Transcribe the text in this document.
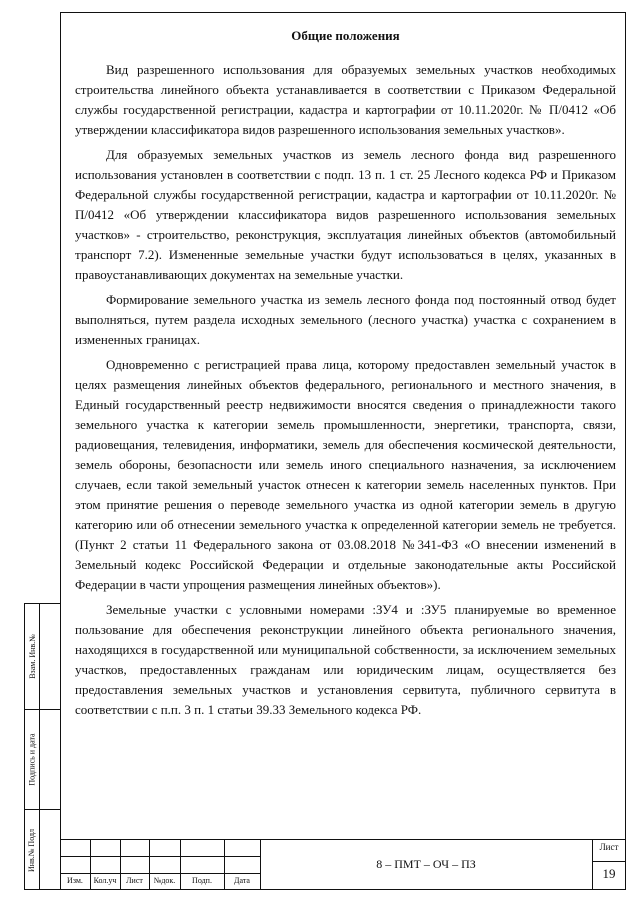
Взам. Инв.№
Подпись и дата
Инв.№ Подл
Общие положения

Вид разрешенного использования для образуемых земельных участков необходимых строительства линейного объекта устанавливается в соответствии с Приказом Федеральной службы государственной регистрации, кадастра и картографии от 10.11.2020г. № П/0412 «Об утверждении классификатора видов разрешенного использования земельных участков».

Для образуемых земельных участков из земель лесного фонда вид разрешенного использования установлен в соответствии с подп. 13 п. 1 ст. 25 Лесного кодекса РФ и Приказом Федеральной службы государственной регистрации, кадастра и картографии от 10.11.2020г. № П/0412 «Об утверждении классификатора видов разрешенного использования земельных участков» - строительство, реконструкция, эксплуатация линейных объектов (автомобильный транспорт 7.2). Измененные земельные участки будут использоваться в целях, указанных в правоустанавливающих документах на земельные участки.

Формирование земельного участка из земель лесного фонда под постоянный отвод будет выполняться, путем раздела исходных земельного (лесного участка) участка с сохранением в измененных границах.

Одновременно с регистрацией права лица, которому предоставлен земельный участок в целях размещения линейных объектов федерального, регионального и местного значения, в Единый государственный реестр недвижимости вносятся сведения о принадлежности такого земельного участка к категории земель промышленности, энергетики, транспорта, связи, радиовещания, телевидения, информатики, земель для обеспечения космической деятельности, земель обороны, безопасности или земель иного специального назначения, за исключением случаев, если такой земельный участок отнесен к категории земель населенных пунктов. При этом принятие решения о переводе земельного участка из одной категории земель в другую категорию или об отнесении земельного участка к определенной категории земель не требуется. (Пункт 2 статьи 11 Федерального закона от 03.08.2018 №341-ФЗ «О внесении изменений в Земельный кодекс Российской Федерации и отдельные законодательные акты Российской Федерации в части упрощения размещения линейных объектов»).

Земельные участки с условными номерами :ЗУ4 и :ЗУ5 планируемые во временное пользование для обеспечения реконструкции линейного объекта регионального значения, находящихся в государственной или муниципальной собственности, за исключением земельных участков, предоставленных гражданам или юридическим лицам, осуществляется без предоставления земельных участков и установления сервитута, публичного сервитута в соответствии с п.п. 3 п. 1 статьи 39.33 Земельного кодекса РФ.

Изм.	Кол.уч	Лист	№док.	Подп.	Дата
8 – ПМТ – ОЧ – ПЗ
Лист
19
